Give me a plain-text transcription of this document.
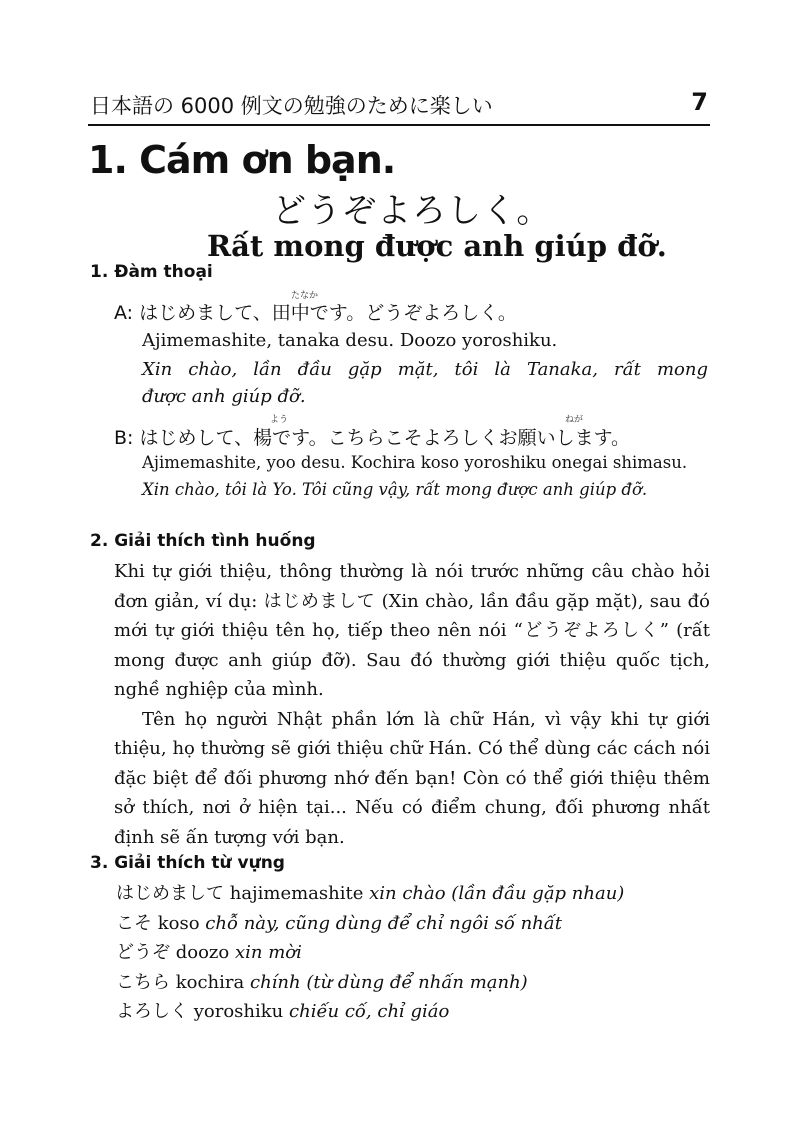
日本語の 6000 例文の勉強のために楽しい	7
1. Cám ơn bạn.
どうぞよろしく。
Rất mong được anh giúp đỡ.
1. Đàm thoại
たなか
A: はじめまして、田中です。どうぞよろしく。
Ajimemashite, tanaka desu. Doozo yoroshiku.
Xin chào, lần đầu gặp mặt, tôi là Tanaka, rất mong
được anh giúp đỡ.
よう	ねが
B: はじめして、楊です。こちらこそよろしくお願いします。
Ajimemashite, yoo desu. Kochira koso yoroshiku onegai shimasu.
Xin chào, tôi là Yo. Tôi cũng vậy, rất mong được anh giúp đỡ.
2. Giải thích tình huống

Khi tự giới thiệu, thông thường là nói trước những câu chào hỏi đơn giản, ví dụ: はじめまして (Xin chào, lần đầu gặp mặt), sau đó mới tự giới thiệu tên họ, tiếp theo nên nói “どうぞよろしく” (rất mong được anh giúp đỡ). Sau đó thường giới thiệu quốc tịch, nghề nghiệp của mình.

Tên họ người Nhật phần lớn là chữ Hán, vì vậy khi tự giới thiệu, họ thường sẽ giới thiệu chữ Hán. Có thể dùng các cách nói đặc biệt để đối phương nhớ đến bạn! Còn có thể giới thiệu thêm sở thích, nơi ở hiện tại... Nếu có điểm chung, đối phương nhất định sẽ ấn tượng với bạn.

3. Giải thích từ vựng
はじめまして hajimemashite xin chào (lần đầu gặp nhau)
こそ koso chỗ này, cũng dùng để chỉ ngôi số nhất
どうぞ doozo xin mời
こちら kochira chính (từ dùng để nhấn mạnh)
よろしく yoroshiku chiếu cố, chỉ giáo
